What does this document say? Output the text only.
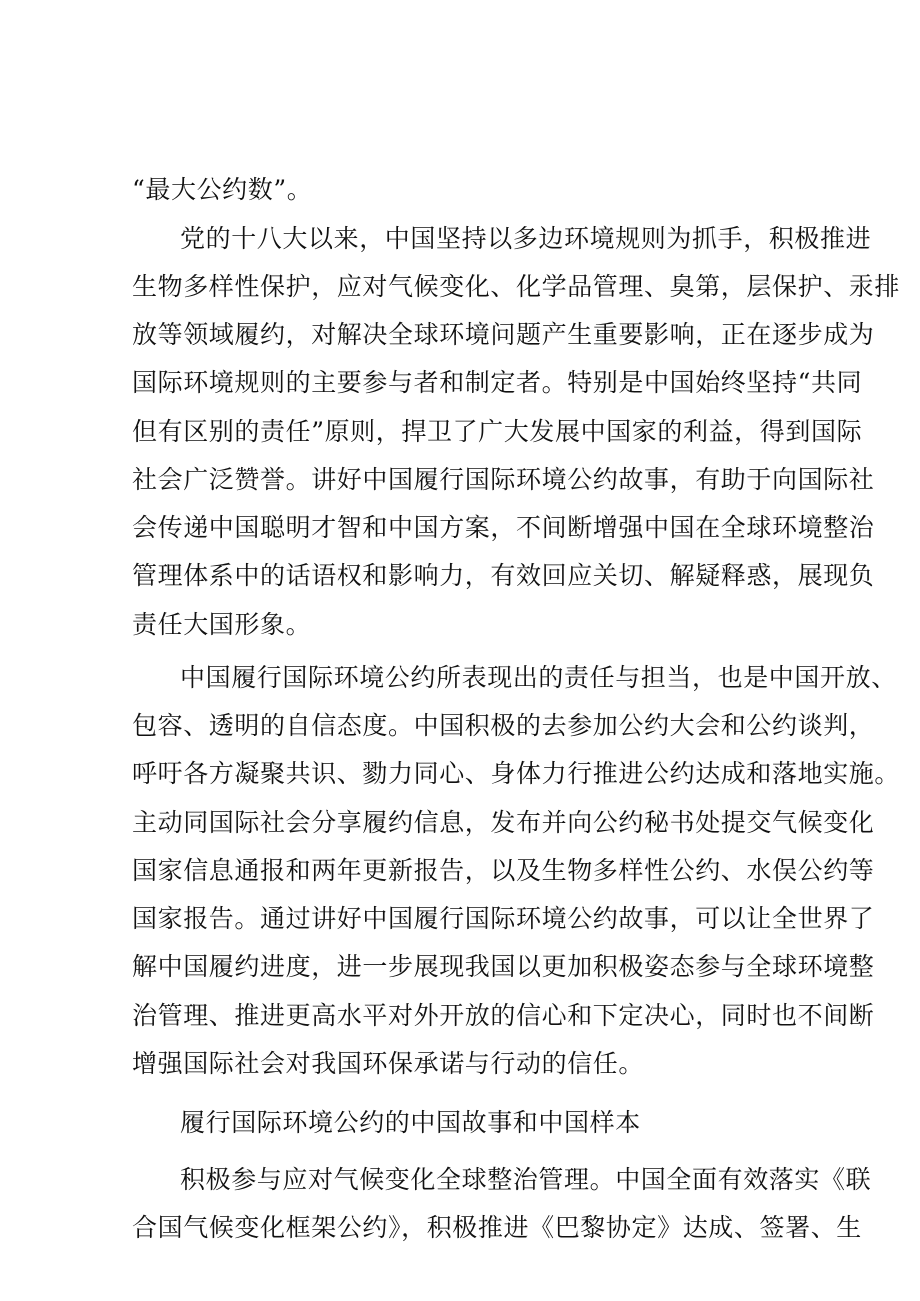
“最大公约数”。
党的十八大以来，中国坚持以多边环境规则为抓手，积极推进
生物多样性保护，应对气候变化、化学品管理、臭第，层保护、汞排
放等领域履约，对解决全球环境问题产生重要影响，正在逐步成为
国际环境规则的主要参与者和制定者。特别是中国始终坚持“共同
但有区别的责任”原则，捍卫了广大发展中国家的利益，得到国际
社会广泛赞誉。讲好中国履行国际环境公约故事，有助于向国际社
会传递中国聪明才智和中国方案，不间断增强中国在全球环境整治
管理体系中的话语权和影响力，有效回应关切、解疑释惑，展现负
责任大国形象。
中国履行国际环境公约所表现出的责任与担当，也是中国开放、
包容、透明的自信态度。中国积极的去参加公约大会和公约谈判，
呼吁各方凝聚共识、勠力同心、身体力行推进公约达成和落地实施。
主动同国际社会分享履约信息，发布并向公约秘书处提交气候变化
国家信息通报和两年更新报告，以及生物多样性公约、水俣公约等
国家报告。通过讲好中国履行国际环境公约故事，可以让全世界了
解中国履约进度，进一步展现我国以更加积极姿态参与全球环境整
治管理、推进更高水平对外开放的信心和下定决心，同时也不间断
增强国际社会对我国环保承诺与行动的信任。
履行国际环境公约的中国故事和中国样本
积极参与应对气候变化全球整治管理。中国全面有效落实《联
合国气候变化框架公约》，积极推进《巴黎协定》达成、签署、生
